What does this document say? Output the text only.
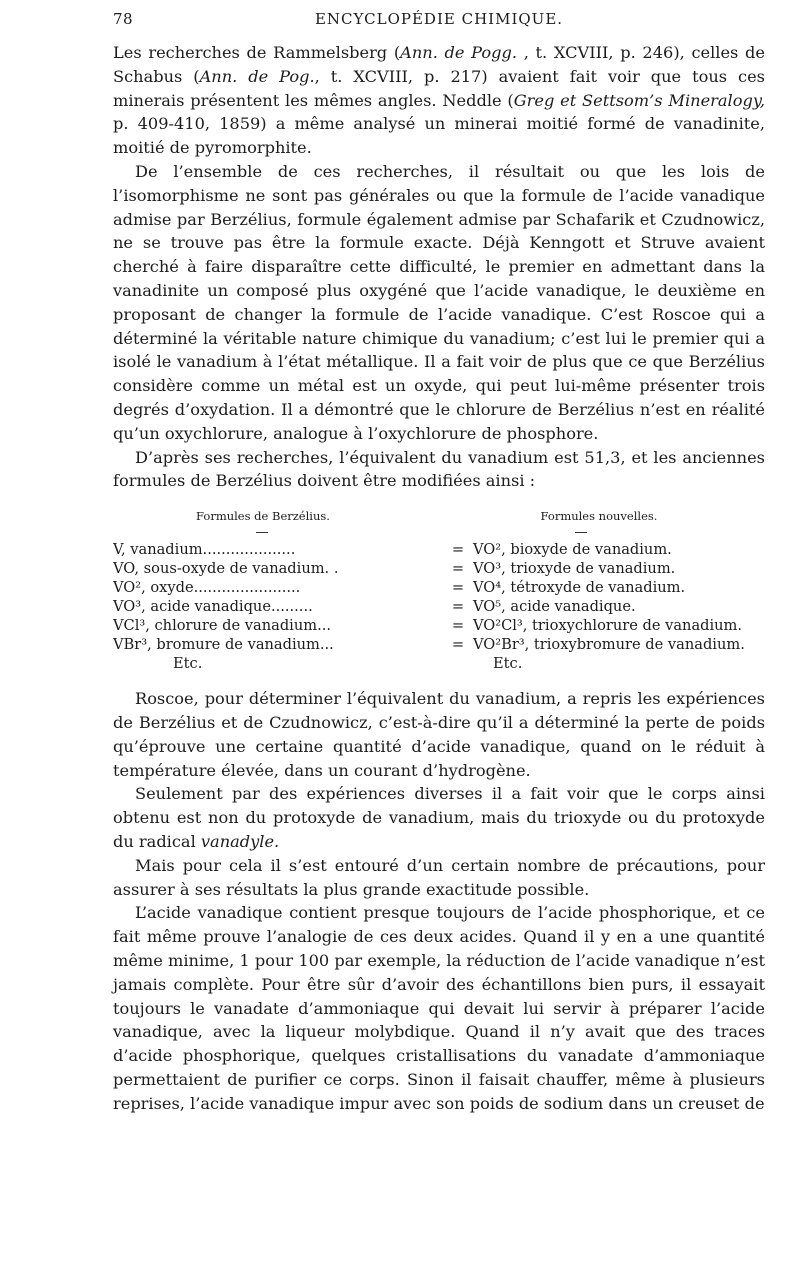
78	ENCYCLOPÉDIE CHIMIQUE.

Les recherches de Rammelsberg (Ann. de Pogg. , t. XCVIII, p. 246), celles de Schabus (Ann. de Pog., t. XCVIII, p. 217) avaient fait voir que tous ces minerais présentent les mêmes angles. Neddle (Greg et Settsom’s Mineralogy, p. 409-410, 1859) a même analysé un minerai moitié formé de vanadinite, moitié de pyromorphite.

De l’ensemble de ces recherches, il résultait ou que les lois de l’isomorphisme ne sont pas générales ou que la formule de l’acide vanadique admise par Berzélius, formule également admise par Schafarik et Czudnowicz, ne se trouve pas être la formule exacte. Déjà Kenngott et Struve avaient cherché à faire disparaître cette difficulté, le premier en admettant dans la vanadinite un composé plus oxygéné que l’acide vanadique, le deuxième en proposant de changer la formule de l’acide vanadique. C’est Roscoe qui a déterminé la véritable nature chimique du vanadium; c’est lui le premier qui a isolé le vanadium à l’état métallique. Il a fait voir de plus que ce que Berzélius considère comme un métal est un oxyde, qui peut lui-même présenter trois degrés d’oxydation. Il a démontré que le chlorure de Berzélius n’est en réalité qu’un oxychlorure, analogue à l’oxychlorure de phosphore.

D’après ses recherches, l’équivalent du vanadium est 51,3, et les anciennes formules de Berzélius doivent être modifiées ainsi :

Formules de Berzélius.	Formules nouvelles.
V, vanadium....................	= VO², bioxyde de vanadium.
VO, sous-oxyde de vanadium. .	= VO³, trioxyde de vanadium.
VO², oxyde.......................	= VO⁴, tétroxyde de vanadium.
VO³, acide vanadique.........	= VO⁵, acide vanadique.
VCl³, chlorure de vanadium...	= VO²Cl³, trioxychlorure de vanadium.
VBr³, bromure de vanadium...	= VO²Br³, trioxybromure de vanadium.
Etc.	Etc.

Roscoe, pour déterminer l’équivalent du vanadium, a repris les expériences de Berzélius et de Czudnowicz, c’est-à-dire qu’il a déterminé la perte de poids qu’éprouve une certaine quantité d’acide vanadique, quand on le réduit à température élevée, dans un courant d’hydrogène.

Seulement par des expériences diverses il a fait voir que le corps ainsi obtenu est non du protoxyde de vanadium, mais du trioxyde ou du protoxyde du radical vanadyle.

Mais pour cela il s’est entouré d’un certain nombre de précautions, pour assurer à ses résultats la plus grande exactitude possible.

L’acide vanadique contient presque toujours de l’acide phosphorique, et ce fait même prouve l’analogie de ces deux acides. Quand il y en a une quantité même minime, 1 pour 100 par exemple, la réduction de l’acide vanadique n’est jamais complète. Pour être sûr d’avoir des échantillons bien purs, il essayait toujours le vanadate d’ammoniaque qui devait lui servir à préparer l’acide vanadique, avec la liqueur molybdique. Quand il n’y avait que des traces d’acide phosphorique, quelques cristallisations du vanadate d’ammoniaque permettaient de purifier ce corps. Sinon il faisait chauffer, même à plusieurs reprises, l’acide vanadique impur avec son poids de sodium dans un creuset de
